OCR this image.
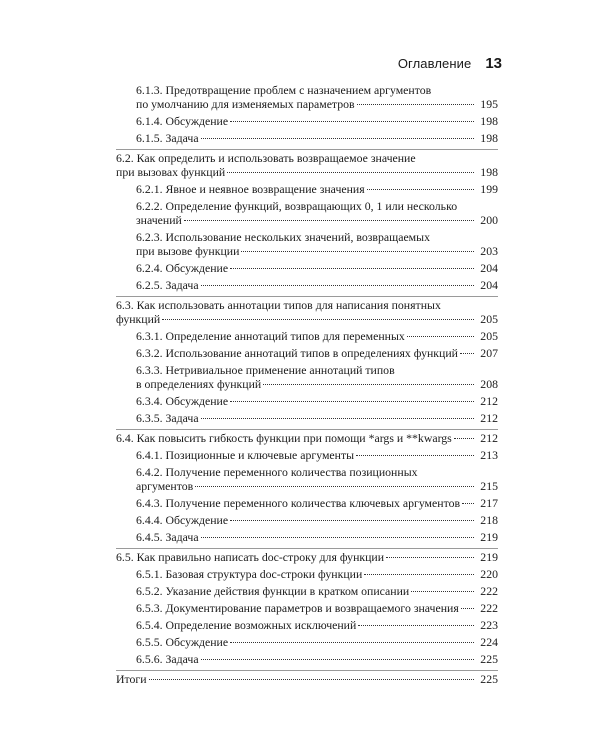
Оглавление 13
6.1.3. Предотвращение проблем с назначением аргументов
по умолчанию для изменяемых параметров	195
6.1.4. Обсуждение	198
6.1.5. Задача	198
6.2. Как определить и использовать возвращаемое значение
при вызовах функций	198
6.2.1. Явное и неявное возвращение значения	199
6.2.2. Определение функций, возвращающих 0, 1 или несколько
значений	200
6.2.3. Использование нескольких значений, возвращаемых
при вызове функции	203
6.2.4. Обсуждение	204
6.2.5. Задача	204
6.3. Как использовать аннотации типов для написания понятных
функций	205
6.3.1. Определение аннотаций типов для переменных	205
6.3.2. Использование аннотаций типов в определениях функций	207
6.3.3. Нетривиальное применение аннотаций типов
в определениях функций	208
6.3.4. Обсуждение	212
6.3.5. Задача	212
6.4. Как повысить гибкость функции при помощи *args и **kwargs	212
6.4.1. Позиционные и ключевые аргументы	213
6.4.2. Получение переменного количества позиционных
аргументов	215
6.4.3. Получение переменного количества ключевых аргументов	217
6.4.4. Обсуждение	218
6.4.5. Задача	219
6.5. Как правильно написать doc-строку для функции	219
6.5.1. Базовая структура doc-строки функции	220
6.5.2. Указание действия функции в кратком описании	222
6.5.3. Документирование параметров и возвращаемого значения	222
6.5.4. Определение возможных исключений	223
6.5.5. Обсуждение	224
6.5.6. Задача	225
Итоги	225
